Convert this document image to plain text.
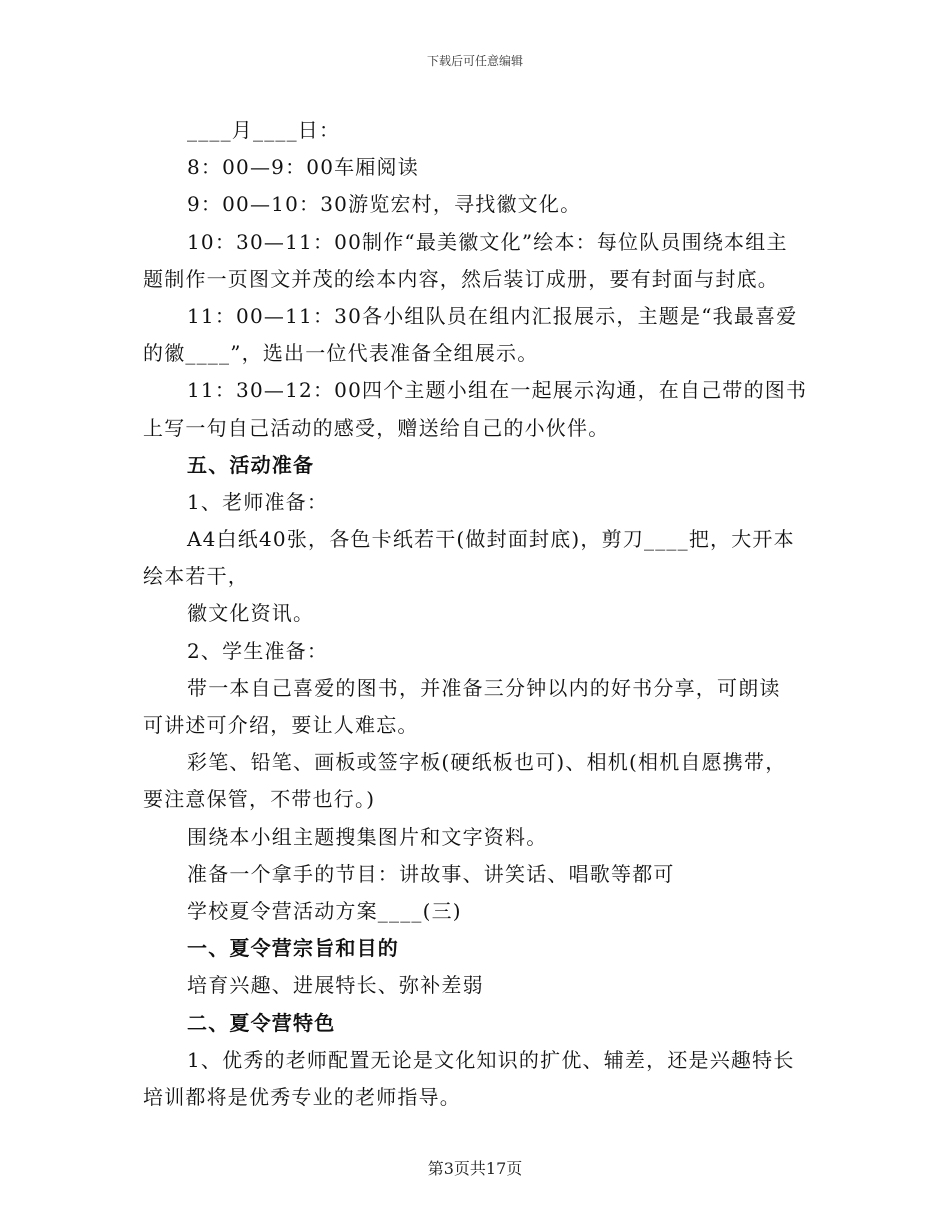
下载后可任意编辑
____月____日：
8：00—9：00车厢阅读
9：00—10：30游览宏村，寻找徽文化。
10：30—11：00制作“最美徽文化”绘本：每位队员围绕本组主
题制作一页图文并茂的绘本内容，然后装订成册，要有封面与封底。
11：00—11：30各小组队员在组内汇报展示，主题是“我最喜爱
的徽____”，选出一位代表准备全组展示。
11：30—12：00四个主题小组在一起展示沟通，在自己带的图书
上写一句自己活动的感受，赠送给自己的小伙伴。
五、活动准备
1、老师准备：
A4白纸40张，各色卡纸若干(做封面封底)，剪刀____把，大开本
绘本若干，
徽文化资讯。
2、学生准备：
带一本自己喜爱的图书，并准备三分钟以内的好书分享，可朗读
可讲述可介绍，要让人难忘。
彩笔、铅笔、画板或签字板(硬纸板也可)、相机(相机自愿携带，
要注意保管，不带也行。)
围绕本小组主题搜集图片和文字资料。
准备一个拿手的节目：讲故事、讲笑话、唱歌等都可
学校夏令营活动方案____(三)
一、夏令营宗旨和目的
培育兴趣、进展特长、弥补差弱
二、夏令营特色
1、优秀的老师配置无论是文化知识的扩优、辅差，还是兴趣特长
培训都将是优秀专业的老师指导。
第3页共17页
